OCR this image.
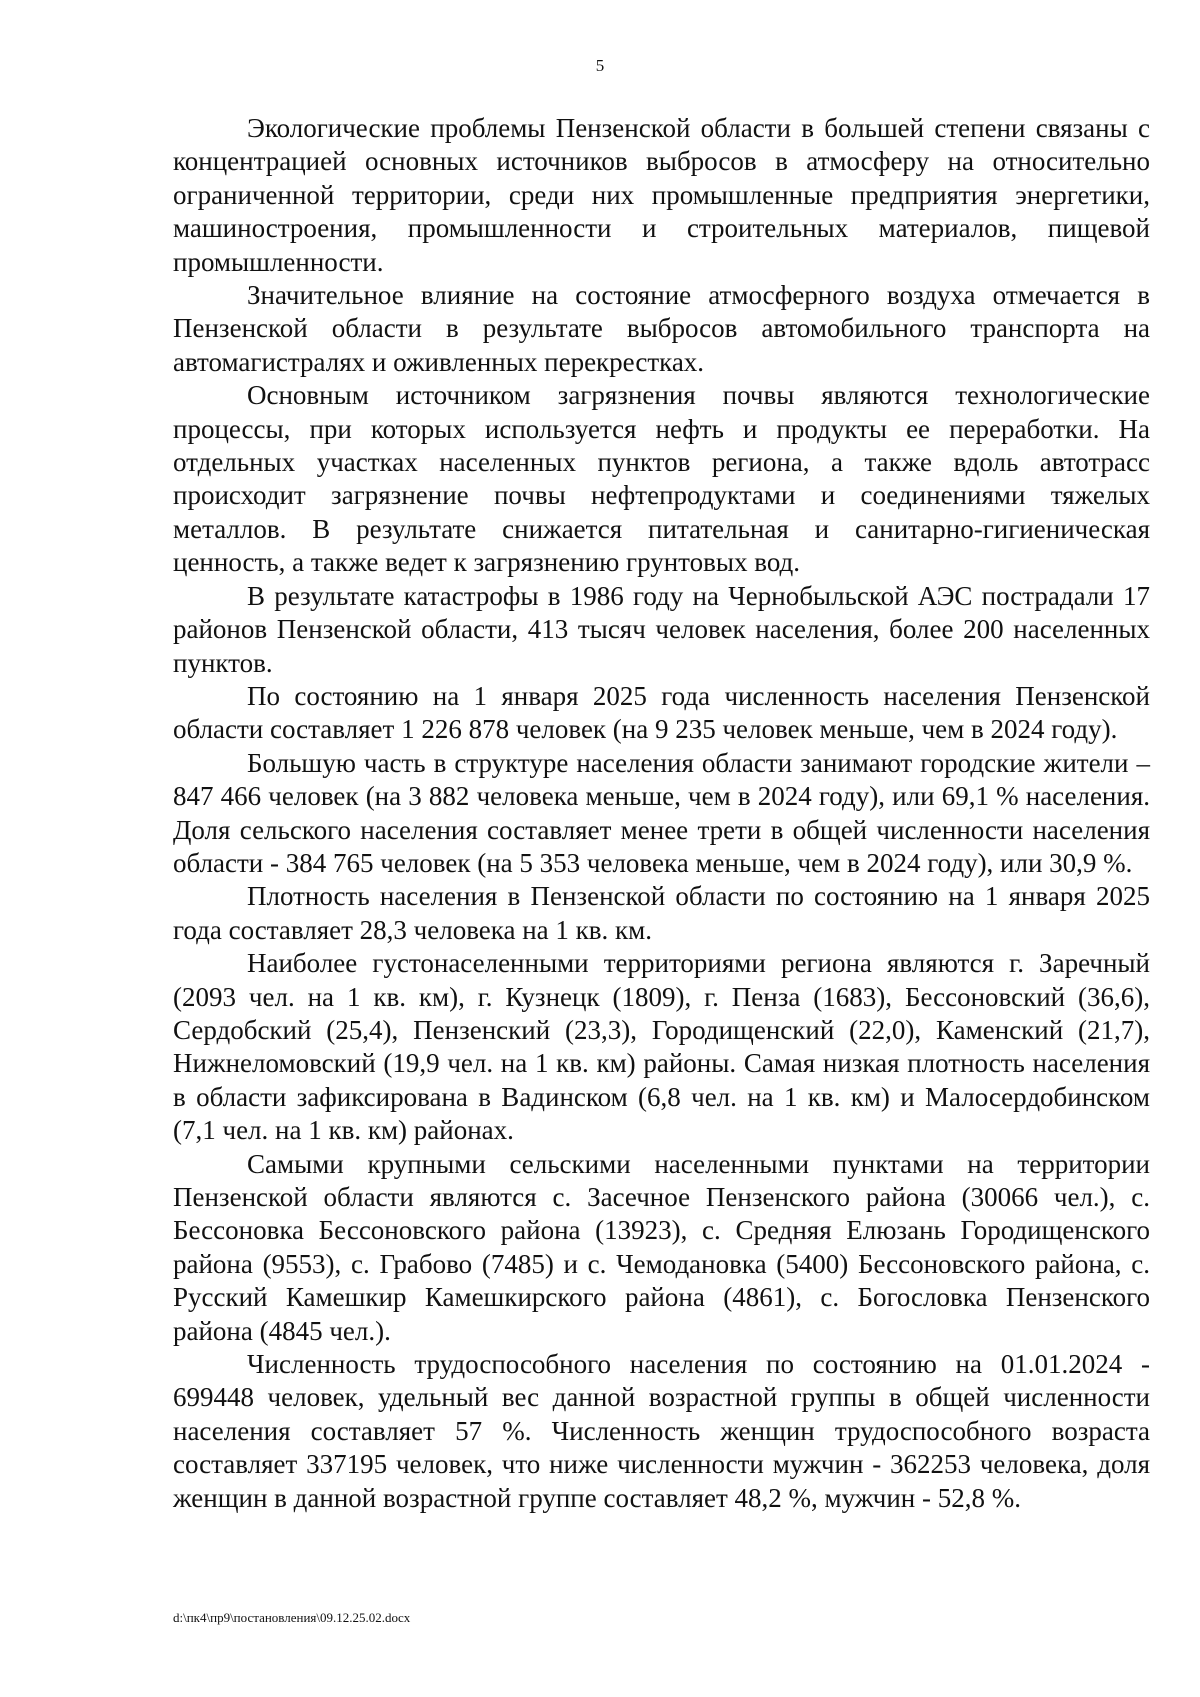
5

Экологические проблемы Пензенской области в большей степени связаны с концентрацией основных источников выбросов в атмосферу на относительно ограниченной территории, среди них промышленные предприятия энергетики, машиностроения, промышленности и строительных материалов, пищевой промышленности.

Значительное влияние на состояние атмосферного воздуха отмечается в Пензенской области в результате выбросов автомобильного транспорта на автомагистралях и оживленных перекрестках.

Основным источником загрязнения почвы являются технологические процессы, при которых используется нефть и продукты ее переработки. На отдельных участках населенных пунктов региона, а также вдоль автотрасс происходит загрязнение почвы нефтепродуктами и соединениями тяжелых металлов. В результате снижается питательная и санитарно-гигиеническая ценность, а также ведет к загрязнению грунтовых вод.

В результате катастрофы в 1986 году на Чернобыльской АЭС пострадали 17 районов Пензенской области, 413 тысяч человек населения, более 200 населенных пунктов.

По состоянию на 1 января 2025 года численность населения Пензенской области составляет 1 226 878 человек (на 9 235 человек меньше, чем в 2024 году).

Большую часть в структуре населения области занимают городские жители – 847 466 человек (на 3 882 человека меньше, чем в 2024 году), или 69,1 % населения. Доля сельского населения составляет менее трети в общей численности населения области - 384 765 человек (на 5 353 человека меньше, чем в 2024 году), или 30,9 %.

Плотность населения в Пензенской области по состоянию на 1 января 2025 года составляет 28,3 человека на 1 кв. км.

Наиболее густонаселенными территориями региона являются г. Заречный (2093 чел. на 1 кв. км), г. Кузнецк (1809), г. Пенза (1683), Бессоновский (36,6), Сердобский (25,4), Пензенский (23,3), Городищенский (22,0), Каменский (21,7), Нижнеломовский (19,9 чел. на 1 кв. км) районы. Самая низкая плотность населения в области зафиксирована в Вадинском (6,8 чел. на 1 кв. км) и Малосердобинском (7,1 чел. на 1 кв. км) районах.

Самыми крупными сельскими населенными пунктами на территории Пензенской области являются с. Засечное Пензенского района (30066 чел.), с. Бессоновка Бессоновского района (13923), с. Средняя Елюзань Городищенского района (9553), с. Грабово (7485) и с. Чемодановка (5400) Бессоновского района, с. Русский Камешкир Камешкирского района (4861), с. Богословка Пензенского района (4845 чел.).

Численность трудоспособного населения по состоянию на 01.01.2024 - 699448 человек, удельный вес данной возрастной группы в общей численности населения составляет 57 %. Численность женщин трудоспособного возраста составляет 337195 человек, что ниже численности мужчин - 362253 человека, доля женщин в данной возрастной группе составляет 48,2 %, мужчин - 52,8 %.

d:\пк4\пр9\постановления\09.12.25.02.docx
